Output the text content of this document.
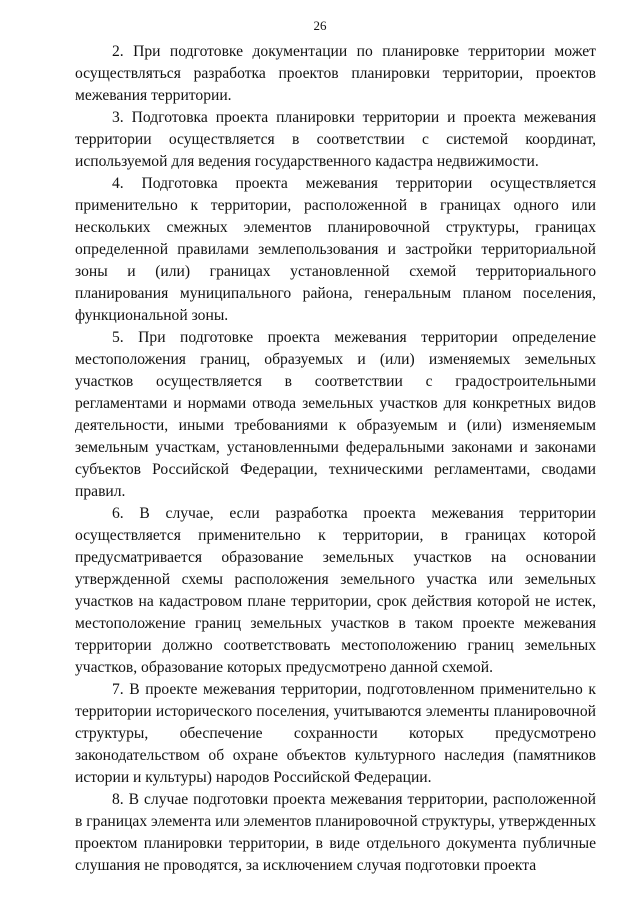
26

2. При подготовке документации по планировке территории может осуществляться разработка проектов планировки территории, проектов межевания территории.

3. Подготовка проекта планировки территории и проекта межевания территории осуществляется в соответствии с системой координат, используемой для ведения государственного кадастра недвижимости.

4. Подготовка проекта межевания территории осуществляется применительно к территории, расположенной в границах одного или нескольких смежных элементов планировочной структуры, границах определенной правилами землепользования и застройки территориальной зоны и (или) границах установленной схемой территориального планирования муниципального района, генеральным планом поселения, функциональной зоны.

5. При подготовке проекта межевания территории определение местоположения границ, образуемых и (или) изменяемых земельных участков осуществляется в соответствии с градостроительными регламентами и нормами отвода земельных участков для конкретных видов деятельности, иными требованиями к образуемым и (или) изменяемым земельным участкам, установленными федеральными законами и законами субъектов Российской Федерации, техническими регламентами, сводами правил.

6. В случае, если разработка проекта межевания территории осуществляется применительно к территории, в границах которой предусматривается образование земельных участков на основании утвержденной схемы расположения земельного участка или земельных участков на кадастровом плане территории, срок действия которой не истек, местоположение границ земельных участков в таком проекте межевания территории должно соответствовать местоположению границ земельных участков, образование которых предусмотрено данной схемой.

7. В проекте межевания территории, подготовленном применительно к территории исторического поселения, учитываются элементы планировочной структуры, обеспечение сохранности которых предусмотрено законодательством об охране объектов культурного наследия (памятников истории и культуры) народов Российской Федерации.

8. В случае подготовки проекта межевания территории, расположенной в границах элемента или элементов планировочной структуры, утвержденных проектом планировки территории, в виде отдельного документа публичные слушания не проводятся, за исключением случая подготовки проекта
